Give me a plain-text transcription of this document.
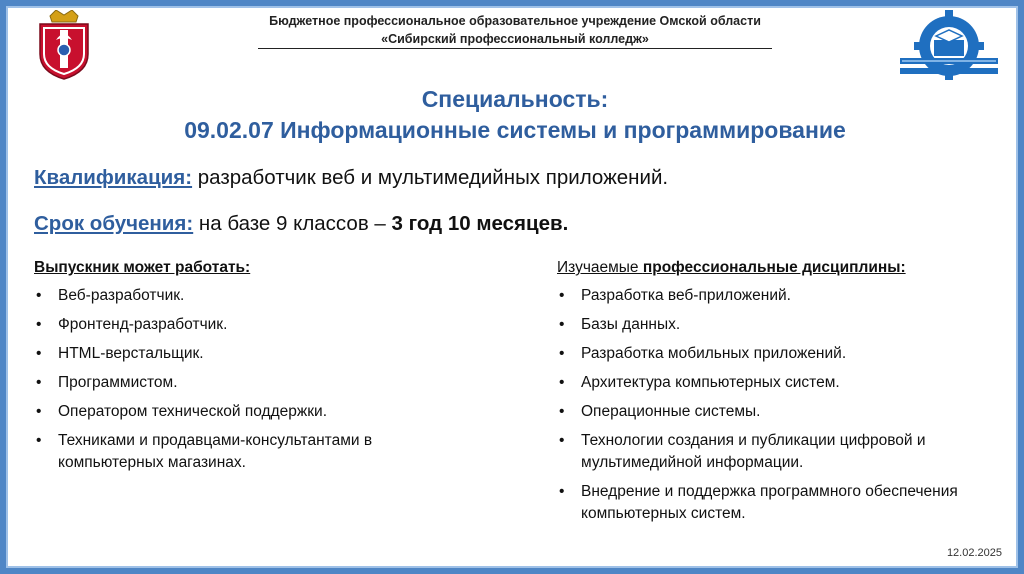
Бюджетное профессиональное образовательное учреждение Омской области
«Сибирский профессиональный колледж»
Специальность:
09.02.07 Информационные системы и программирование
Квалификация: разработчик веб и мультимедийных приложений.
Срок обучения: на базе 9 классов – 3 год 10 месяцев.
Выпускник может работать:
• Веб-разработчик.
• Фронтенд-разработчик.
• HTML-верстальщик.
• Программистом.
• Оператором технической поддержки.
• Техниками и продавцами-консультантами в компьютерных магазинах.
Изучаемые профессиональные дисциплины:
• Разработка веб-приложений.
• Базы данных.
• Разработка мобильных приложений.
• Архитектура компьютерных систем.
• Операционные системы.
• Технологии создания и публикации цифровой и мультимедийной информации.
• Внедрение и поддержка программного обеспечения компьютерных систем.
12.02.2025
